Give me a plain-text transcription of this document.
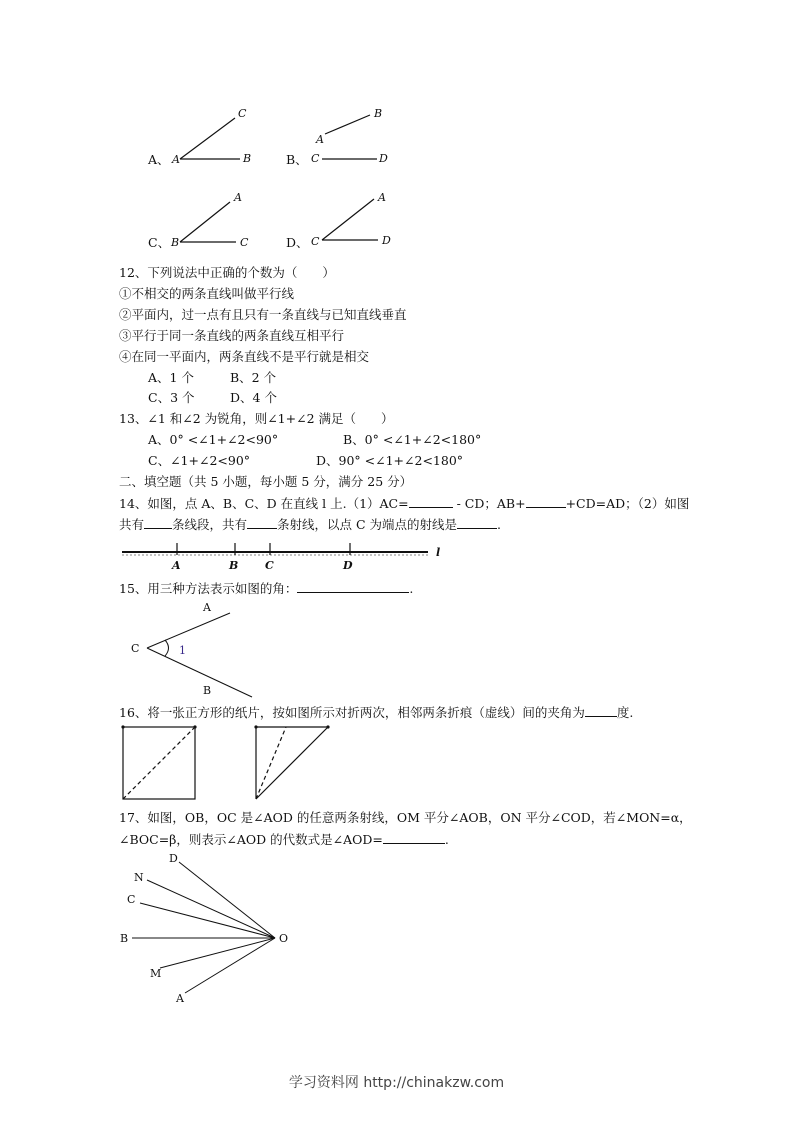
A	B
C
A
B
C	D
B	C
A
C	D
A
A	B C	D
l
A
C	1
B
D
N
C
B
M
A
O
A、	B、
C、	D、
12、下列说法中正确的个数为（　　）
①不相交的两条直线叫做平行线
②平面内，过一点有且只有一条直线与已知直线垂直
③平行于同一条直线的两条直线互相平行
④在同一平面内，两条直线不是平行就是相交
A、1 个	B、2 个
C、3 个	D、4 个
13、∠1 和∠2 为锐角，则∠1+∠2 满足（　　）
A、0° <∠1+∠2<90°	B、0° <∠1+∠2<180°
C、∠1+∠2<90°	D、90° <∠1+∠2<180°
二、填空题（共 5 小题，每小题 5 分，满分 25 分）
14、如图，点 A、B、C、D 在直线 l 上.（1）AC=	- CD；AB+	+CD=AD；（2）如图
共有 条线段，共有 条射线，以点 C 为端点的射线是	.
15、用三种方法表示如图的角：	.
16、将一张正方形的纸片，按如图所示对折两次，相邻两条折痕（虚线）间的夹角为	度.
17、如图，OB，OC 是∠AOD 的任意两条射线，OM 平分∠AOB，ON 平分∠COD，若∠MON=α，
∠BOC=β，则表示∠AOD 的代数式是∠AOD=	.
学习资料网 http://chinakzw.com
